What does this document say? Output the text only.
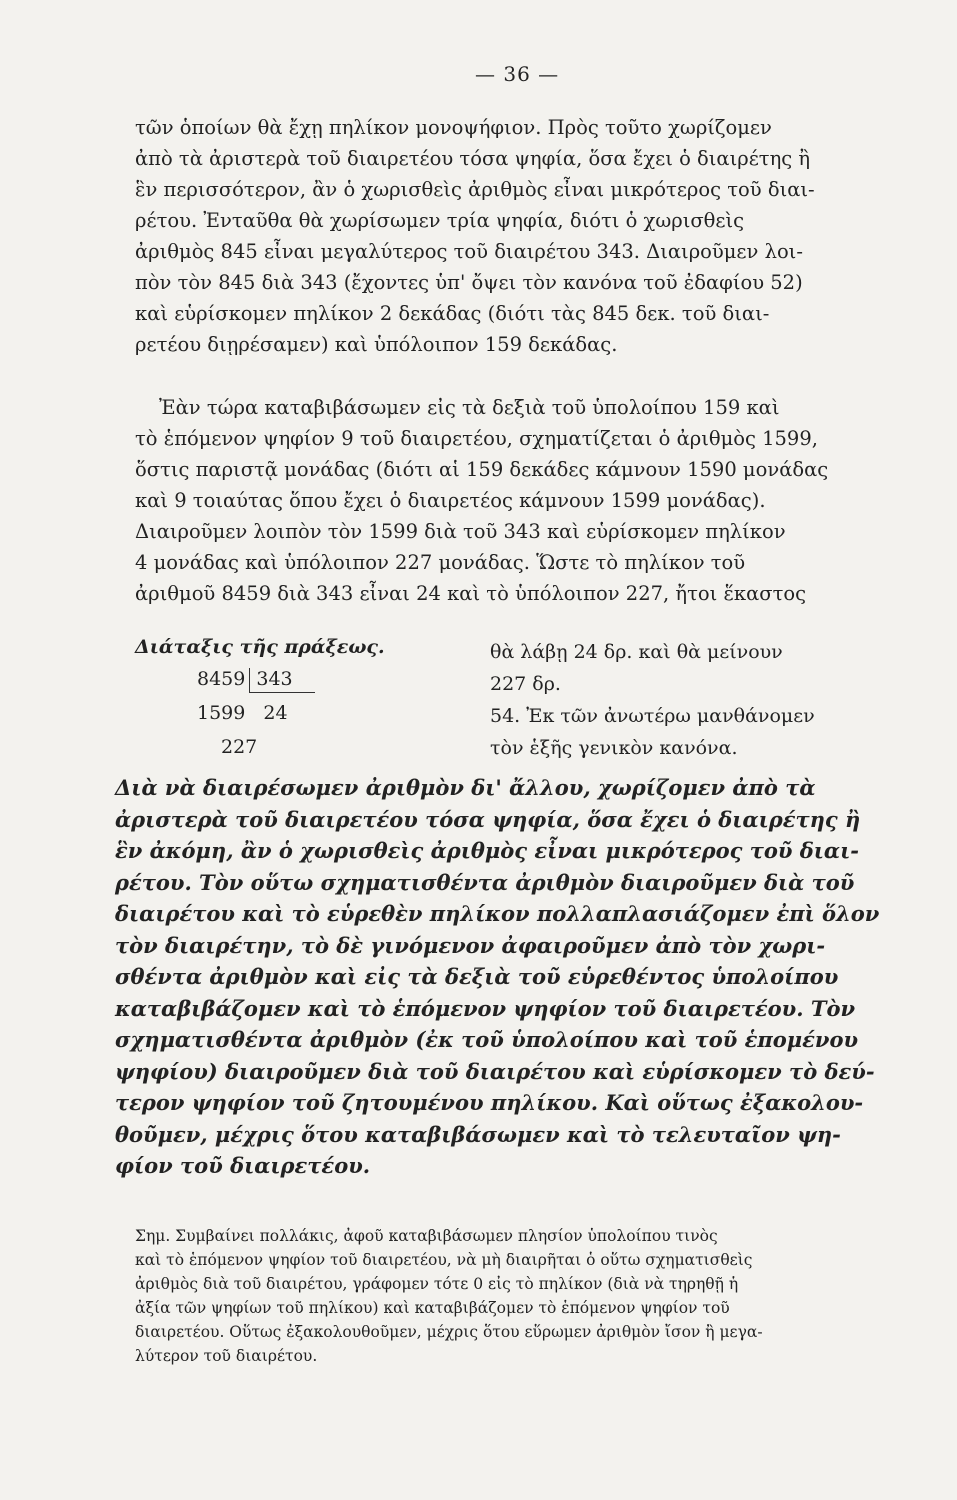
— 36 —
τῶν ὁποίων θὰ ἔχῃ πηλίκον μονοψήφιον. Πρὸς τοῦτο χωρίζομεν
ἀπὸ τὰ ἀριστερὰ τοῦ διαιρετέου τόσα ψηφία, ὅσα ἔχει ὁ διαιρέτης ἢ
ἓν περισσότερον, ἂν ὁ χωρισθεὶς ἀριθμὸς εἶναι μικρότερος τοῦ διαι-
ρέτου. Ἐνταῦθα θὰ χωρίσωμεν τρία ψηφία, διότι ὁ χωρισθεὶς
ἀριθμὸς 845 εἶναι μεγαλύτερος τοῦ διαιρέτου 343. Διαιροῦμεν λοι-
πὸν τὸν 845 διὰ 343 (ἔχοντες ὑπ' ὄψει τὸν κανόνα τοῦ ἐδαφίου 52)
καὶ εὑρίσκομεν πηλίκον 2 δεκάδας (διότι τὰς 845 δεκ. τοῦ διαι-
ρετέου διῃρέσαμεν) καὶ ὑπόλοιπον 159 δεκάδας.
Ἐὰν τώρα καταβιβάσωμεν εἰς τὰ δεξιὰ τοῦ ὑπολοίπου 159 καὶ
τὸ ἑπόμενον ψηφίον 9 τοῦ διαιρετέου, σχηματίζεται ὁ ἀριθμὸς 1599,
ὅστις παριστᾷ μονάδας (διότι αἱ 159 δεκάδες κάμνουν 1590 μονάδας
καὶ 9 τοιαύτας ὅπου ἔχει ὁ διαιρετέος κάμνουν 1599 μονάδας).
Διαιροῦμεν λοιπὸν τὸν 1599 διὰ τοῦ 343 καὶ εὑρίσκομεν πηλίκον
4 μονάδας καὶ ὑπόλοιπον 227 μονάδας. Ὥστε τὸ πηλίκον τοῦ
ἀριθμοῦ 8459 διὰ 343 εἶναι 24 καὶ τὸ ὑπόλοιπον 227, ἤτοι ἕκαστος
Διάταξις τῆς πράξεως.
8459 343
1599 24
227
θὰ λάβῃ 24 δρ. καὶ θὰ μείνουν
227 δρ.
54. Ἐκ τῶν ἀνωτέρω μανθάνομεν
τὸν ἑξῆς γενικὸν κανόνα.
Διὰ νὰ διαιρέσωμεν ἀριθμὸν δι' ἄλλου, χωρίζομεν ἀπὸ τὰ
ἀριστερὰ τοῦ διαιρετέου τόσα ψηφία, ὅσα ἔχει ὁ διαιρέτης ἢ
ἓν ἀκόμη, ἂν ὁ χωρισθεὶς ἀριθμὸς εἶναι μικρότερος τοῦ διαι-
ρέτου. Τὸν οὕτω σχηματισθέντα ἀριθμὸν διαιροῦμεν διὰ τοῦ
διαιρέτου καὶ τὸ εὑρεθὲν πηλίκον πολλαπλασιάζομεν ἐπὶ ὅλον
τὸν διαιρέτην, τὸ δὲ γινόμενον ἀφαιροῦμεν ἀπὸ τὸν χωρι-
σθέντα ἀριθμὸν καὶ εἰς τὰ δεξιὰ τοῦ εὑρεθέντος ὑπολοίπου
καταβιβάζομεν καὶ τὸ ἑπόμενον ψηφίον τοῦ διαιρετέου. Τὸν
σχηματισθέντα ἀριθμὸν (ἐκ τοῦ ὑπολοίπου καὶ τοῦ ἑπομένου
ψηφίου) διαιροῦμεν διὰ τοῦ διαιρέτου καὶ εὑρίσκομεν τὸ δεύ-
τερον ψηφίον τοῦ ζητουμένου πηλίκου. Καὶ οὕτως ἐξακολου-
θοῦμεν, μέχρις ὅτου καταβιβάσωμεν καὶ τὸ τελευταῖον ψη-
φίον τοῦ διαιρετέου.
Σημ. Συμβαίνει πολλάκις, ἀφοῦ καταβιβάσωμεν πλησίον ὑπολοίπου τινὸς
καὶ τὸ ἑπόμενον ψηφίον τοῦ διαιρετέου, νὰ μὴ διαιρῆται ὁ οὕτω σχηματισθεὶς
ἀριθμὸς διὰ τοῦ διαιρέτου, γράφομεν τότε 0 εἰς τὸ πηλίκον (διὰ νὰ τηρηθῇ ἡ
ἀξία τῶν ψηφίων τοῦ πηλίκου) καὶ καταβιβάζομεν τὸ ἑπόμενον ψηφίον τοῦ
διαιρετέου. Οὕτως ἐξακολουθοῦμεν, μέχρις ὅτου εὕρωμεν ἀριθμὸν ἴσον ἢ μεγα-
λύτερον τοῦ διαιρέτου.
